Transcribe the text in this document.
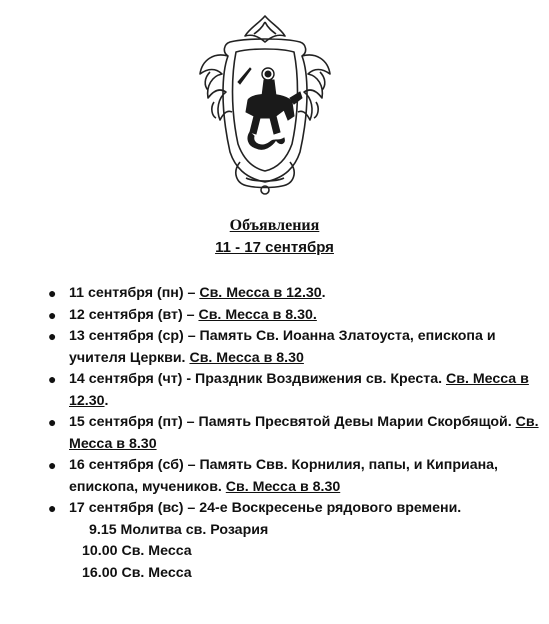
Объявления
11 - 17 сентября
● 11 сентября (пн) – Св. Месса в 12.30.
● 12 сентября (вт) – Св. Месса в 8.30.
● 13 сентября (ср) – Память Св. Иоанна Златоуста, епископа и учителя Церкви. Св. Месса в 8.30
● 14 сентября (чт) - Праздник Воздвижения св. Креста. Св. Месса в 12.30.
● 15 сентября (пт) – Память Пресвятой Девы Марии Скорбящой. Св. Месса в 8.30
● 16 сентября (сб) – Память Свв. Корнилия, папы, и Киприана, епископа, мучеников. Св. Месса в 8.30
● 17 сентября (вс) – 24-е Воскресенье рядового времени.
9.15 Молитва св. Розария
10.00 Св. Месса
16.00 Св. Месса
